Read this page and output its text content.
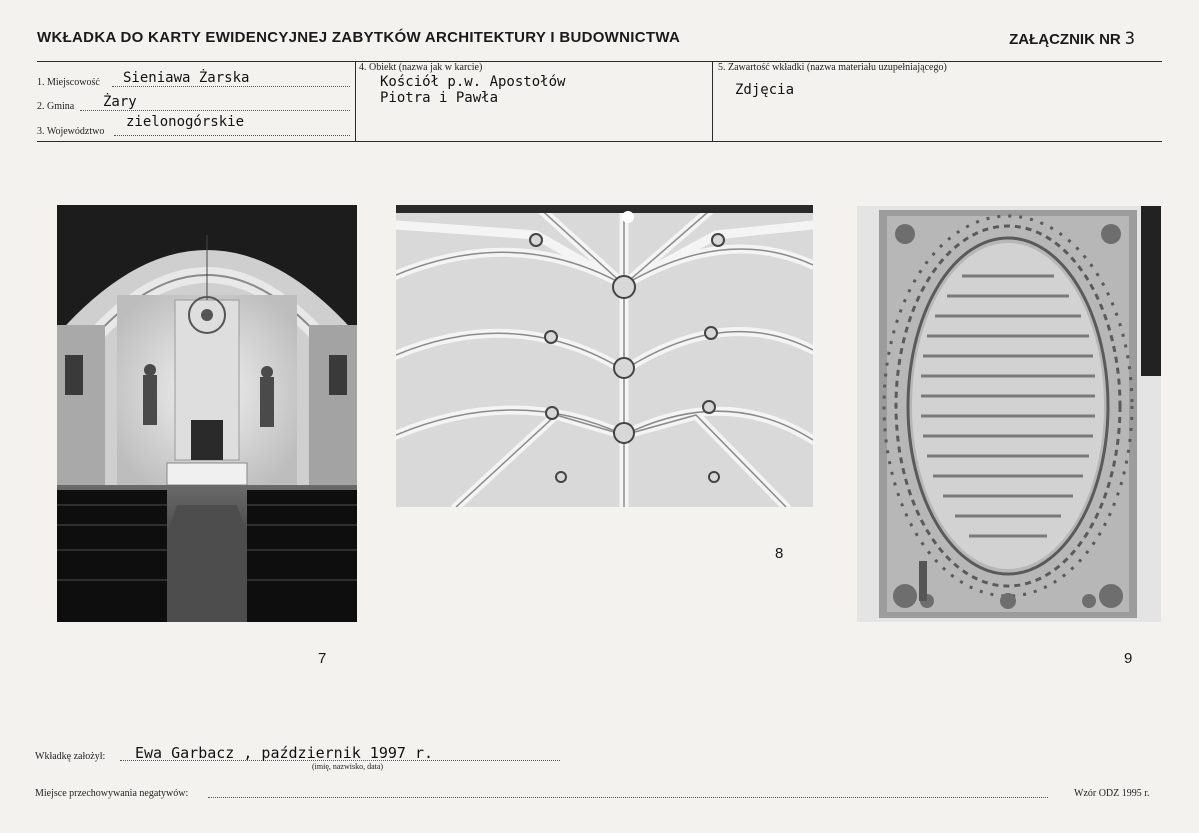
WKŁADKA DO KARTY EWIDENCYJNEJ ZABYTKÓW ARCHITEKTURY I BUDOWNICTWA	ZAŁĄCZNIK NR 3
1. Miejscowość Sieniawa Żarska
2. Gmina Żary
3. Województwo
zielonogórskie
4. Obiekt (nazwa jak w karcie)
Kościół p.w. Apostołów
Piotra i Pawła
5. Zawartość wkładki (nazwa materiału uzupełniającego)
Zdjęcia
7
8
9
Wkładkę założył: Ewa Garbacz , październik 1997 r.
(imię, nazwisko, data)
Miejsce przechowywania negatywów:	Wzór ODZ 1995 r.
